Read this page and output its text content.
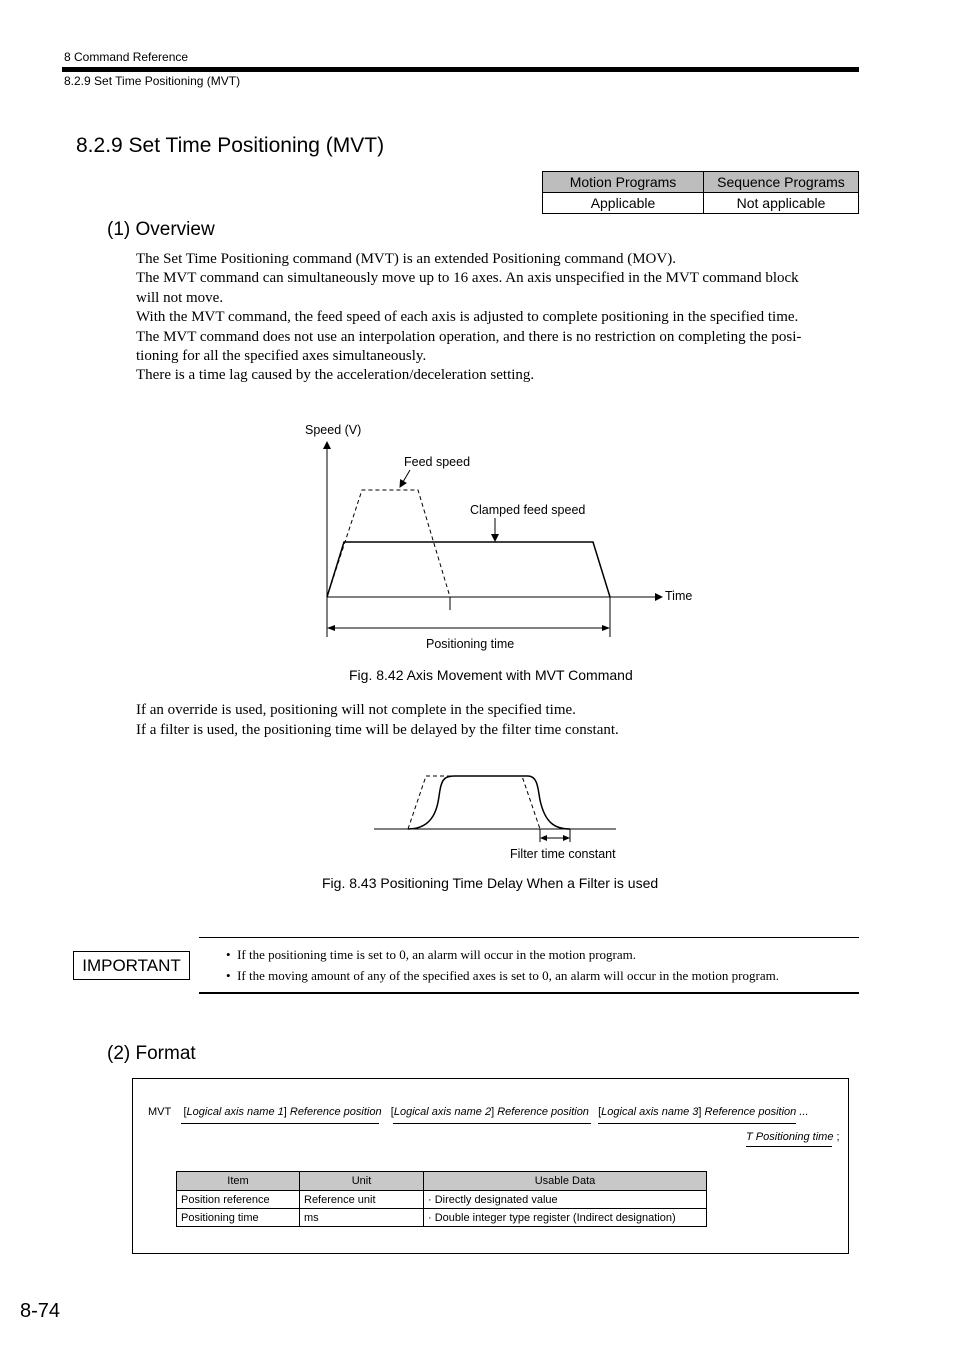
8 Command Reference
8.2.9 Set Time Positioning (MVT)
8.2.9 Set Time Positioning (MVT)
Motion Programs	Sequence Programs
Applicable	Not applicable
(1) Overview

The Set Time Positioning command (MVT) is an extended Positioning command (MOV).

The MVT command can simultaneously move up to 16 axes. An axis unspecified in the MVT command block

will not move.

With the MVT command, the feed speed of each axis is adjusted to complete positioning in the specified time.

The MVT command does not use an interpolation operation, and there is no restriction on completing the posi-

tioning for all the specified axes simultaneously.

There is a time lag caused by the acceleration/deceleration setting.

Speed (V)
Feed speed
Clamped feed speed
Time
Positioning time
Filter time constant
Fig. 8.42 Axis Movement with MVT Command

If an override is used, positioning will not complete in the specified time.

If a filter is used, the positioning time will be delayed by the filter time constant.

Fig. 8.43 Positioning Time Delay When a Filter is used
IMPORTANT
•  If the positioning time is set to 0, an alarm will occur in the motion program.
•  If the moving amount of any of the specified axes is set to 0, an alarm will occur in the motion program.
(2) Format
MVT    [Logical axis name 1] Reference position   [Logical axis name 2] Reference position   [Logical axis name 3] Reference position ...
T Positioning time ;
Item	Unit	Usable Data
Position reference	Reference unit	· Directly designated value
Positioning time	ms	· Double integer type register (Indirect designation)
8-74
